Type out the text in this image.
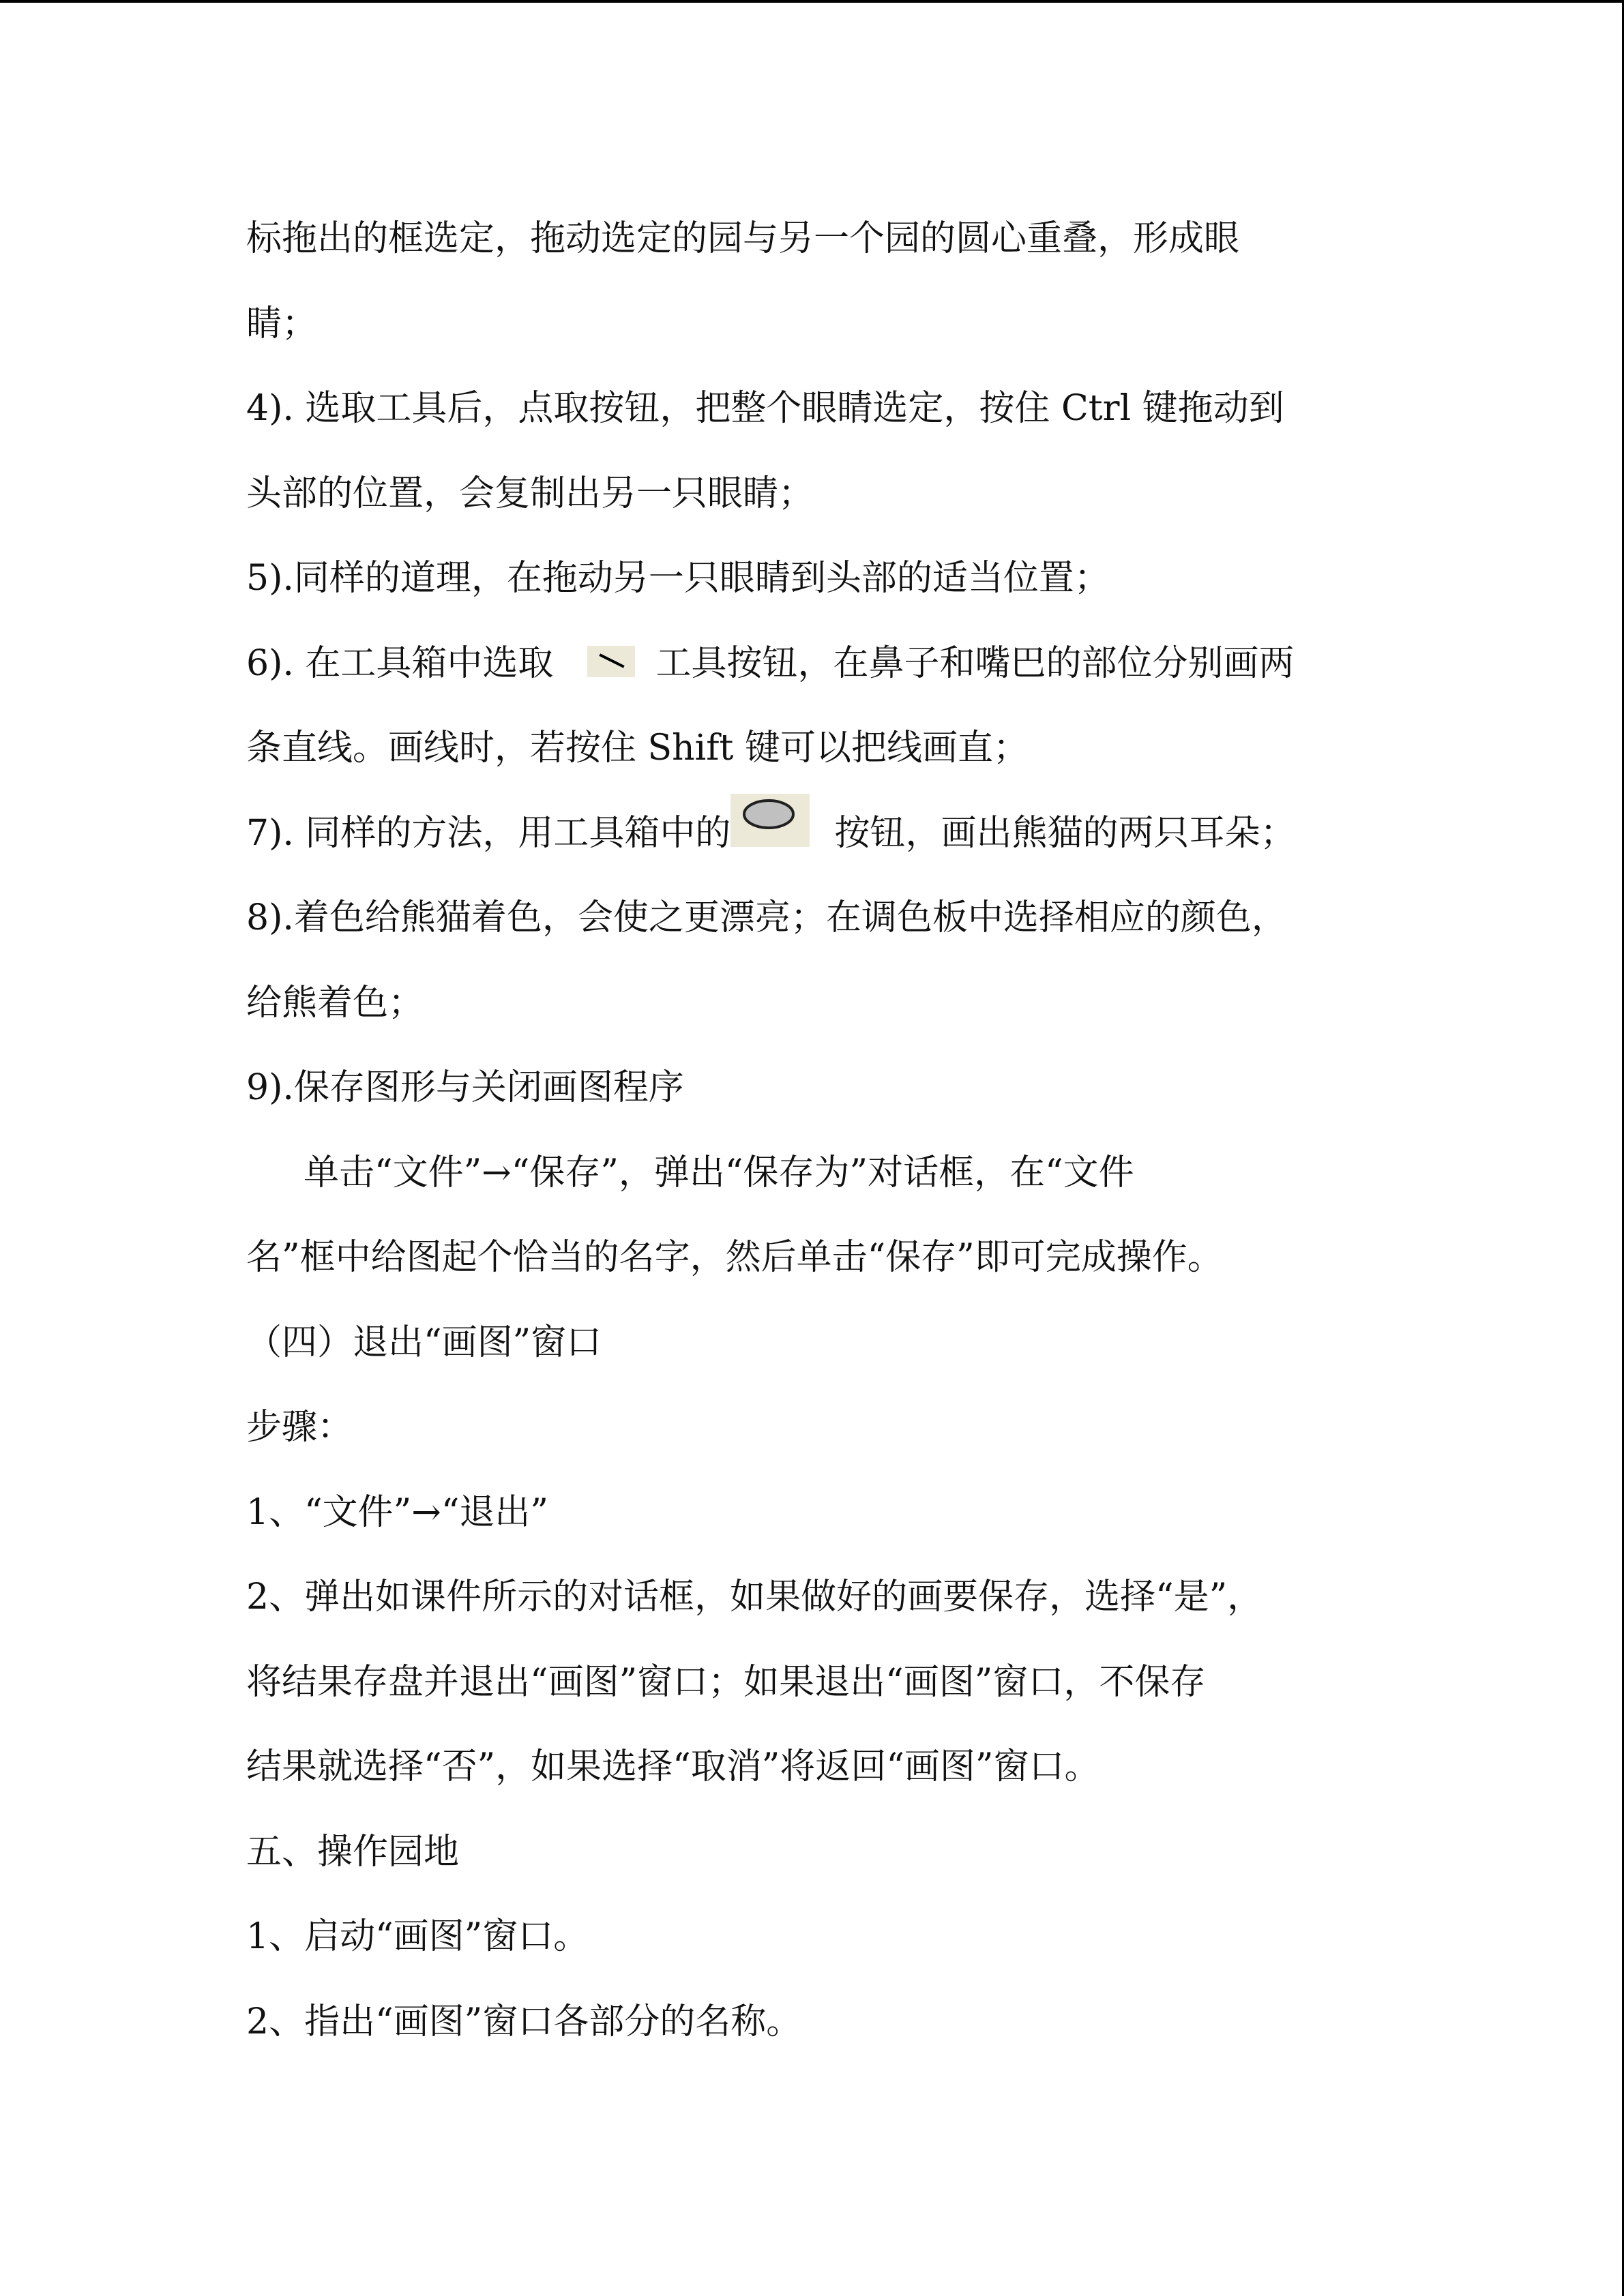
标拖出的框选定，拖动选定的园与另一个园的圆心重叠，形成眼
睛；
4). 选取工具后，点取按钮，把整个眼睛选定，按住 Ctrl 键拖动到
头部的位置，会复制出另一只眼睛；
5).同样的道理，在拖动另一只眼睛到头部的适当位置；
6). 在工具箱中选取	工具按钮，在鼻子和嘴巴的部位分别画两
条直线。画线时，若按住 Shift 键可以把线画直；
7). 同样的方法，用工具箱中的	按钮，画出熊猫的两只耳朵；
8).着色给熊猫着色，会使之更漂亮；在调色板中选择相应的颜色，
给熊着色；
9).保存图形与关闭画图程序
单击“文件”→“保存”，弹出“保存为”对话框，在“文件
名”框中给图起个恰当的名字，然后单击“保存”即可完成操作。
（四）退出“画图”窗口
步骤：
1、“文件”→“退出”
2、弹出如课件所示的对话框，如果做好的画要保存，选择“是”，
将结果存盘并退出“画图”窗口；如果退出“画图”窗口，不保存
结果就选择“否”，如果选择“取消”将返回“画图”窗口。
五、操作园地
1、启动“画图”窗口。
2、指出“画图”窗口各部分的名称。
